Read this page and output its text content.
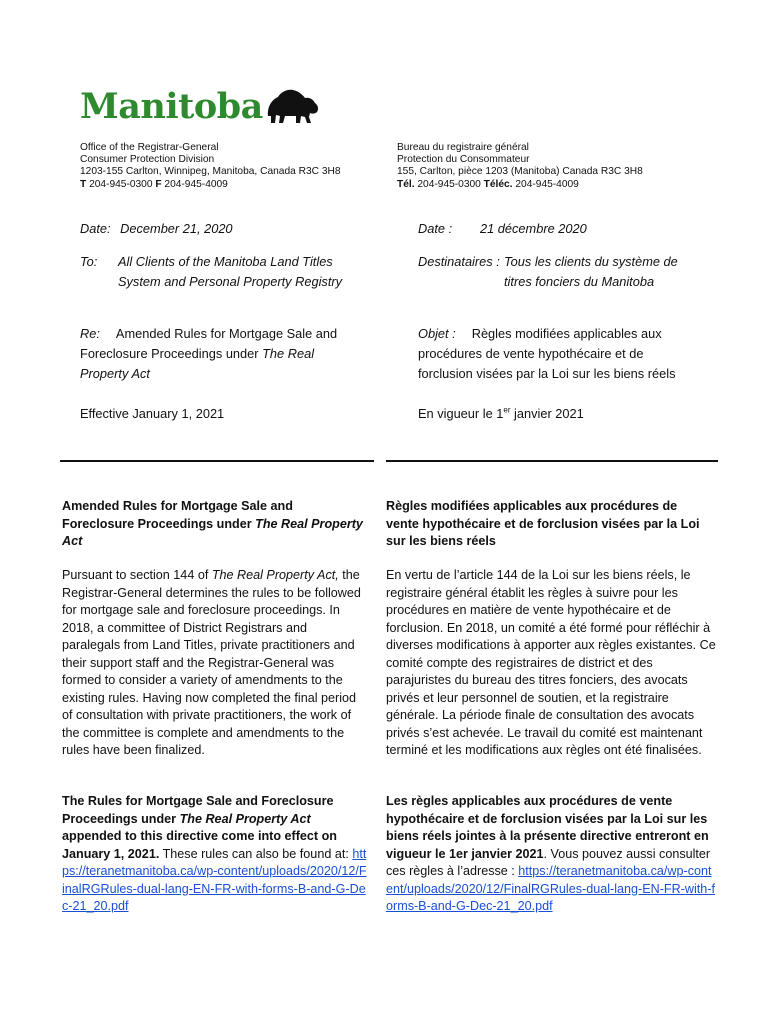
Manitoba
Office of the Registrar-General
Consumer Protection Division
1203-155 Carlton, Winnipeg, Manitoba, Canada R3C 3H8
T 204-945-0300 F 204-945-4009
Bureau du registraire général
Protection du Consommateur
155, Carlton, pièce 1203 (Manitoba) Canada R3C 3H8
Tél. 204-945-0300 Téléc. 204-945-4009
Date: December 21, 2020
To: All Clients of the Manitoba Land Titles System and Personal Property Registry
Re: Amended Rules for Mortgage Sale and Foreclosure Proceedings under The Real Property Act
Effective January 1, 2021
Date : 21 décembre 2020
Destinataires : Tous les clients du système de titres fonciers du Manitoba
Objet : Règles modifiées applicables aux procédures de vente hypothécaire et de forclusion visées par la Loi sur les biens réels
En vigueur le 1er janvier 2021
Amended Rules for Mortgage Sale and Foreclosure Proceedings under The Real Property Act
Pursuant to section 144 of The Real Property Act, the Registrar-General determines the rules to be followed for mortgage sale and foreclosure proceedings. In 2018, a committee of District Registrars and paralegals from Land Titles, private practitioners and their support staff and the Registrar-General was formed to consider a variety of amendments to the existing rules. Having now completed the final period of consultation with private practitioners, the work of the committee is complete and amendments to the rules have been finalized.
The Rules for Mortgage Sale and Foreclosure Proceedings under The Real Property Act appended to this directive come into effect on January 1, 2021. These rules can also be found at: https://teranetmanitoba.ca/wp-content/uploads/2020/12/FinalRGRules-dual-lang-EN-FR-with-forms-B-and-G-Dec-21_20.pdf
Règles modifiées applicables aux procédures de vente hypothécaire et de forclusion visées par la Loi sur les biens réels
En vertu de l’article 144 de la Loi sur les biens réels, le registraire général établit les règles à suivre pour les procédures en matière de vente hypothécaire et de forclusion. En 2018, un comité a été formé pour réfléchir à diverses modifications à apporter aux règles existantes. Ce comité compte des registraires de district et des parajuristes du bureau des titres fonciers, des avocats privés et leur personnel de soutien, et la registraire générale. La période finale de consultation des avocats privés s’est achevée. Le travail du comité est maintenant terminé et les modifications aux règles ont été finalisées.
Les règles applicables aux procédures de vente hypothécaire et de forclusion visées par la Loi sur les biens réels jointes à la présente directive entreront en vigueur le 1er janvier 2021. Vous pouvez aussi consulter ces règles à l’adresse : https://teranetmanitoba.ca/wp-content/uploads/2020/12/FinalRGRules-dual-lang-EN-FR-with-forms-B-and-G-Dec-21_20.pdf
